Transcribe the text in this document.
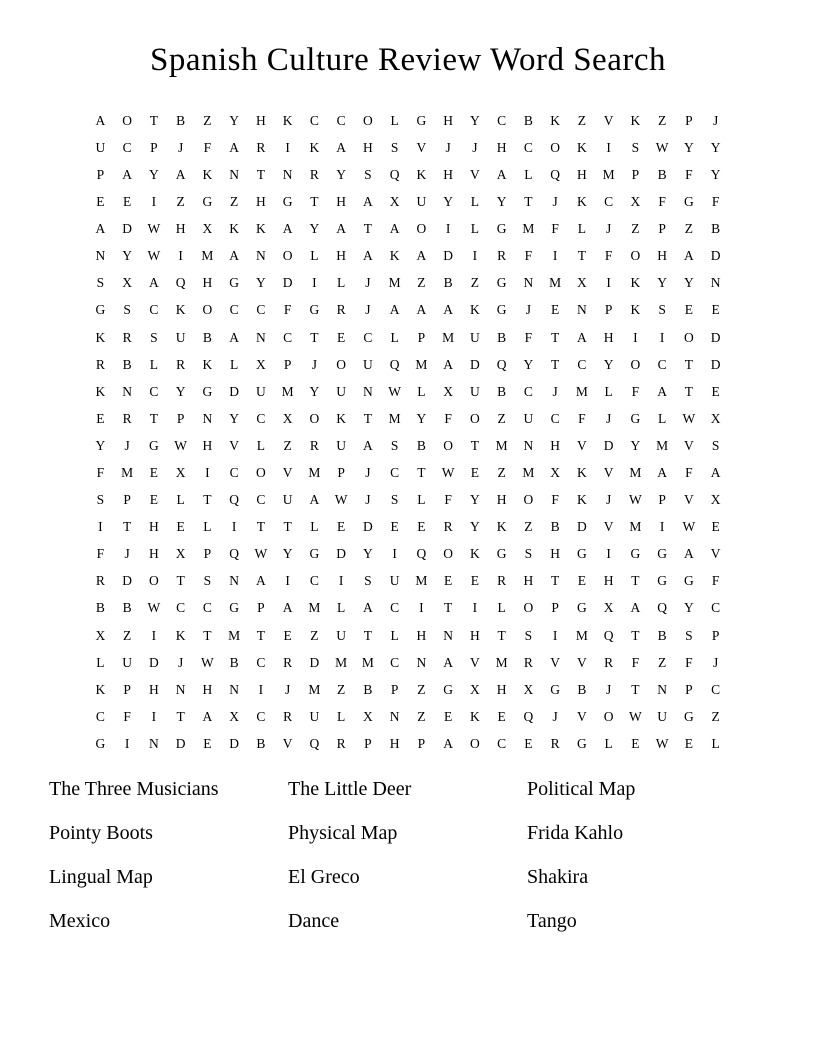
Spanish Culture Review Word Search
A	O	T	B	Z	Y	H	K	C	C	O	L	G	H	Y	C	B	K	Z	V	K	Z	P	J
U	C	P	J	F	A	R	I	K	A	H	S	V	J	J	H	C	O	K	I	S	W	Y	Y
P	A	Y	A	K	N	T	N	R	Y	S	Q	K	H	V	A	L	Q	H	M	P	B	F	Y
E	E	I	Z	G	Z	H	G	T	H	A	X	U	Y	L	Y	T	J	K	C	X	F	G	F
A	D	W	H	X	K	K	A	Y	A	T	A	O	I	L	G	M	F	L	J	Z	P	Z	B
N	Y	W	I	M	A	N	O	L	H	A	K	A	D	I	R	F	I	T	F	O	H	A	D
S	X	A	Q	H	G	Y	D	I	L	J	M	Z	B	Z	G	N	M	X	I	K	Y	Y	N
G	S	C	K	O	C	C	F	G	R	J	A	A	A	K	G	J	E	N	P	K	S	E	E
K	R	S	U	B	A	N	C	T	E	C	L	P	M	U	B	F	T	A	H	I	I	O	D
R	B	L	R	K	L	X	P	J	O	U	Q	M	A	D	Q	Y	T	C	Y	O	C	T	D
K	N	C	Y	G	D	U	M	Y	U	N	W	L	X	U	B	C	J	M	L	F	A	T	E
E	R	T	P	N	Y	C	X	O	K	T	M	Y	F	O	Z	U	C	F	J	G	L	W	X
Y	J	G	W	H	V	L	Z	R	U	A	S	B	O	T	M	N	H	V	D	Y	M	V	S
F	M	E	X	I	C	O	V	M	P	J	C	T	W	E	Z	M	X	K	V	M	A	F	A
S	P	E	L	T	Q	C	U	A	W	J	S	L	F	Y	H	O	F	K	J	W	P	V	X
I	T	H	E	L	I	T	T	L	E	D	E	E	R	Y	K	Z	B	D	V	M	I	W	E
F	J	H	X	P	Q	W	Y	G	D	Y	I	Q	O	K	G	S	H	G	I	G	G	A	V
R	D	O	T	S	N	A	I	C	I	S	U	M	E	E	R	H	T	E	H	T	G	G	F
B	B	W	C	C	G	P	A	M	L	A	C	I	T	I	L	O	P	G	X	A	Q	Y	C
X	Z	I	K	T	M	T	E	Z	U	T	L	H	N	H	T	S	I	M	Q	T	B	S	P
L	U	D	J	W	B	C	R	D	M	M	C	N	A	V	M	R	V	V	R	F	Z	F	J
K	P	H	N	H	N	I	J	M	Z	B	P	Z	G	X	H	X	G	B	J	T	N	P	C
C	F	I	T	A	X	C	R	U	L	X	N	Z	E	K	E	Q	J	V	O	W	U	G	Z
G	I	N	D	E	D	B	V	Q	R	P	H	P	A	O	C	E	R	G	L	E	W	E	L
The Three Musicians
Pointy Boots
Lingual Map
Mexico
The Little Deer
Physical Map
El Greco
Dance
Political Map
Frida Kahlo
Shakira
Tango
